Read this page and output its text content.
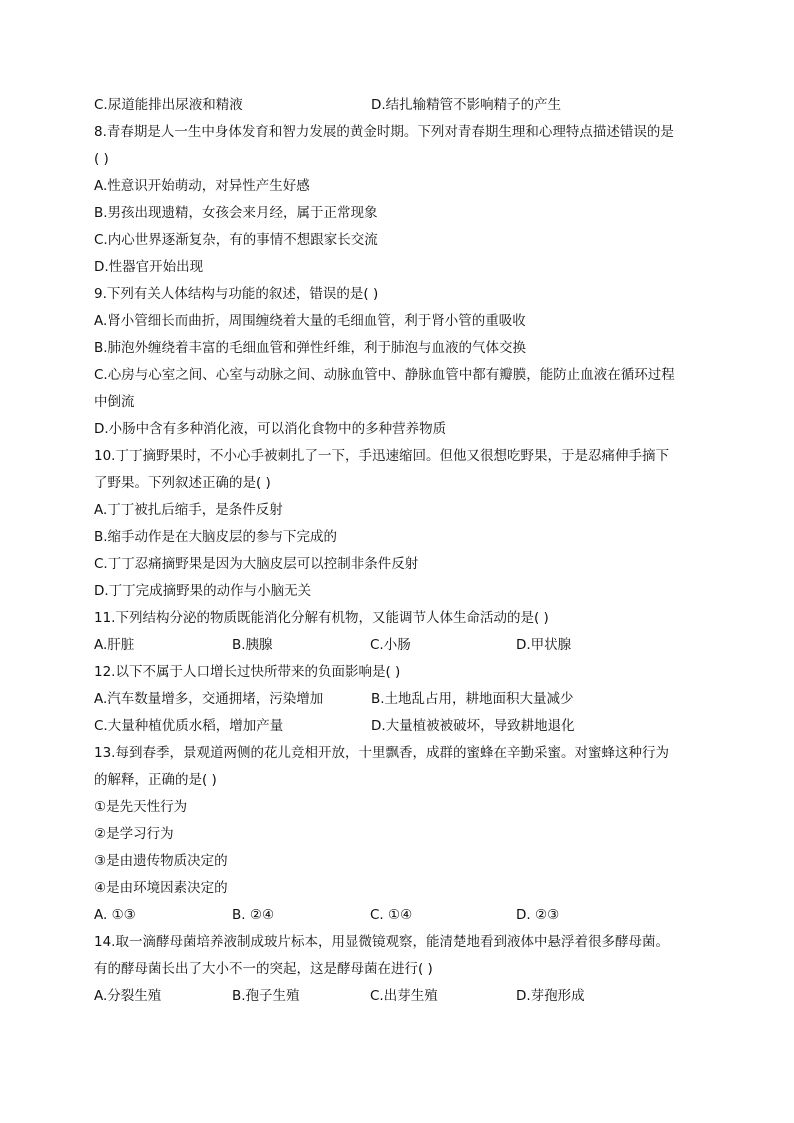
C.尿道能排出尿液和精液	D.结扎输精管不影响精子的产生
8.青春期是人一生中身体发育和智力发展的黄金时期。下列对青春期生理和心理特点描述错误的是
( )
A.性意识开始萌动，对异性产生好感
B.男孩出现遗精，女孩会来月经，属于正常现象
C.内心世界逐渐复杂，有的事情不想跟家长交流
D.性器官开始出现
9.下列有关人体结构与功能的叙述，错误的是( )
A.肾小管细长而曲折，周围缠绕着大量的毛细血管，利于肾小管的重吸收
B.肺泡外缠绕着丰富的毛细血管和弹性纤维，利于肺泡与血液的气体交换
C.心房与心室之间、心室与动脉之间、动脉血管中、静脉血管中都有瓣膜，能防止血液在循环过程
中倒流
D.小肠中含有多种消化液，可以消化食物中的多种营养物质
10.丁丁摘野果时，不小心手被刺扎了一下，手迅速缩回。但他又很想吃野果，于是忍痛伸手摘下
了野果。下列叙述正确的是( )
A.丁丁被扎后缩手，是条件反射
B.缩手动作是在大脑皮层的参与下完成的
C.丁丁忍痛摘野果是因为大脑皮层可以控制非条件反射
D.丁丁完成摘野果的动作与小脑无关
11.下列结构分泌的物质既能消化分解有机物，又能调节人体生命活动的是( )
A.肝脏	B.胰腺	C.小肠	D.甲状腺
12.以下不属于人口增长过快所带来的负面影响是( )
A.汽车数量增多，交通拥堵，污染增加	B.土地乱占用，耕地面积大量减少
C.大量种植优质水稻，增加产量	D.大量植被被破坏，导致耕地退化
13.每到春季，景观道两侧的花儿竞相开放，十里飘香，成群的蜜蜂在辛勤采蜜。对蜜蜂这种行为
的解释，正确的是( )
①是先天性行为
②是学习行为
③是由遗传物质决定的
④是由环境因素决定的
A. ①③	B. ②④	C. ①④	D. ②③
14.取一滴酵母菌培养液制成玻片标本，用显微镜观察，能清楚地看到液体中悬浮着很多酵母菌。
有的酵母菌长出了大小不一的突起，这是酵母菌在进行( )
A.分裂生殖	B.孢子生殖	C.出芽生殖	D.芽孢形成
